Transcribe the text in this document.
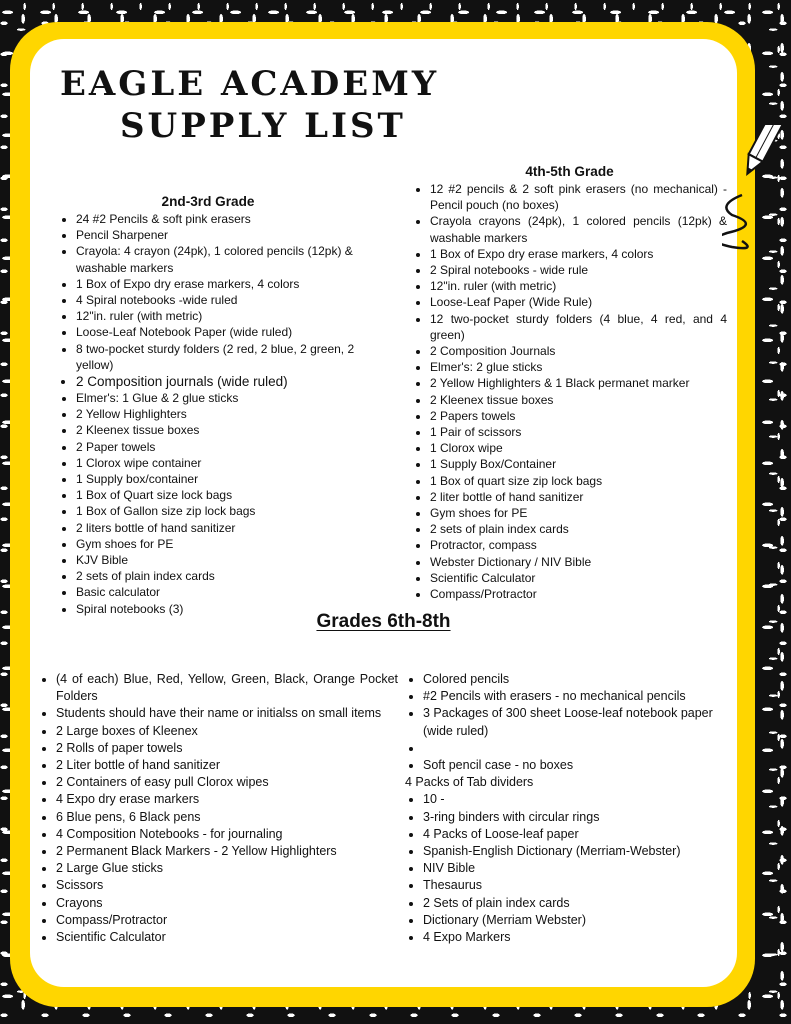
EAGLE ACADEMY
SUPPLY LIST
2nd-3rd Grade
• 24 #2 Pencils & soft pink erasers
• Pencil Sharpener
• Crayola: 4 crayon (24pk), 1 colored pencils (12pk) & washable markers
• 1 Box of Expo dry erase markers, 4 colors
• 4 Spiral notebooks -wide ruled
• 12"in. ruler (with metric)
• Loose-Leaf Notebook Paper (wide ruled)
• 8 two-pocket sturdy folders (2 red, 2 blue, 2 green, 2 yellow)
• 2 Composition journals (wide ruled)
• Elmer's: 1 Glue & 2 glue sticks
• 2 Yellow Highlighters
• 2 Kleenex tissue boxes
• 2 Paper towels
• 1 Clorox wipe container
• 1 Supply box/container
• 1 Box of Quart size lock bags
• 1 Box of Gallon size zip lock bags
• 2 liters bottle of hand sanitizer
• Gym shoes for PE
• KJV Bible
• 2 sets of plain index cards
• Basic calculator
• Spiral notebooks (3)
4th-5th Grade
• 12 #2 pencils & 2 soft pink erasers (no mechanical) - Pencil pouch (no boxes)
• Crayola crayons (24pk), 1 colored pencils (12pk) & washable markers
• 1 Box of Expo dry erase markers, 4 colors
• 2 Spiral notebooks - wide rule
• 12"in. ruler (with metric)
• Loose-Leaf Paper (Wide Rule)
• 12 two-pocket sturdy folders (4 blue, 4 red, and 4 green)
• 2 Composition Journals
• Elmer's: 2 glue sticks
• 2 Yellow Highlighters & 1 Black permanet marker
• 2 Kleenex tissue boxes
• 2 Papers towels
• 1 Pair of scissors
• 1 Clorox wipe
• 1 Supply Box/Container
• 1 Box of quart size zip lock bags
• 2 liter bottle of hand sanitizer
• Gym shoes for PE
• 2 sets of plain index cards
• Protractor, compass
• Webster Dictionary / NIV Bible
• Scientific Calculator
• Compass/Protractor
Grades 6th-8th
• (4 of each) Blue, Red, Yellow, Green, Black, Orange Pocket Folders
• Students should have their name or initialss on small items
• 2 Large boxes of Kleenex
• 2 Rolls of paper towels
• 2 Liter bottle of hand sanitizer
• 2 Containers of easy pull Clorox wipes
• 4 Expo dry erase markers
• 6 Blue pens, 6 Black pens
• 4 Composition Notebooks - for journaling
• 2 Permanent Black Markers - 2 Yellow Highlighters
• 2 Large Glue sticks
• Scissors
• Crayons
• Compass/Protractor
• Scientific Calculator
• Colored pencils
• #2 Pencils with erasers - no mechanical pencils
• 3 Packages of 300 sheet Loose-leaf notebook paper (wide ruled)
•
• Soft pencil case - no boxes

4 Packs of Tab dividers

• 10 -
• 3-ring binders with circular rings
• 4 Packs of Loose-leaf paper
• Spanish-English Dictionary (Merriam-Webster)
• NIV Bible
• Thesaurus
• 2 Sets of plain index cards
• Dictionary (Merriam Webster)
• 4 Expo Markers
